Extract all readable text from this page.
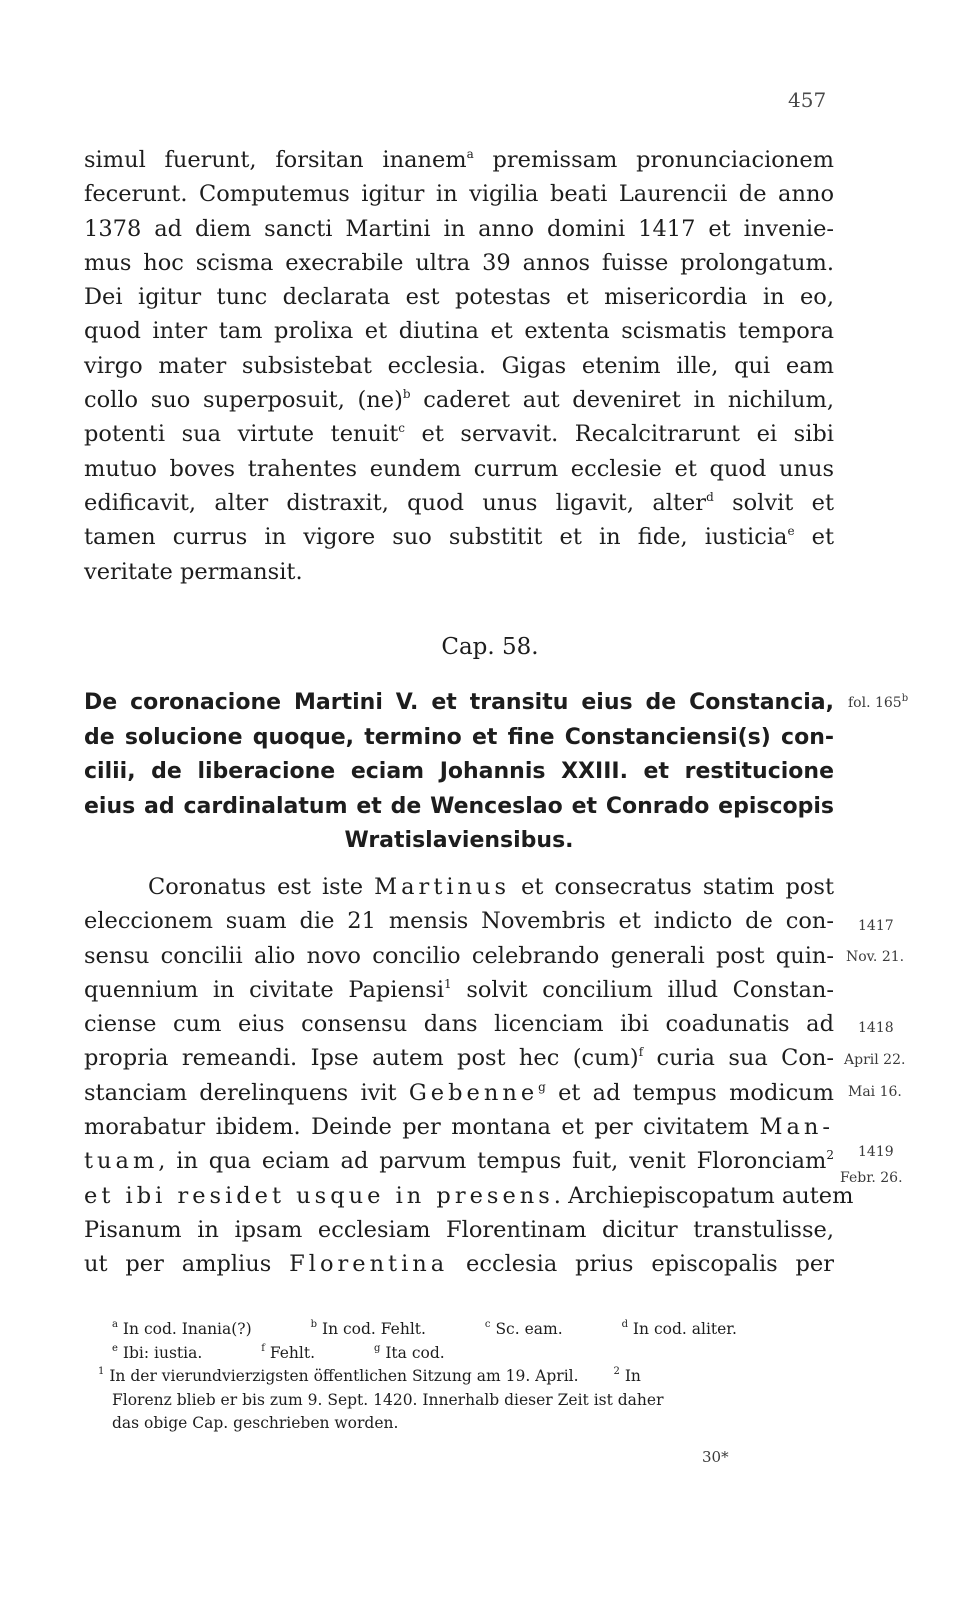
457
simul fuerunt, forsitan inanem$^a$ premissam pronunciacionem
fecerunt. Computemus igitur in vigilia beati Laurencii de anno
1378 ad diem sancti Martini in anno domini 1417 et invenie-
mus hoc scisma execrabile ultra 39 annos fuisse prolongatum.
Dei igitur tunc declarata est potestas et misericordia in eo,
quod inter tam prolixa et diutina et extenta scismatis tempora
virgo mater subsistebat ecclesia. Gigas etenim ille, qui eam
collo suo superposuit, (ne)$^b$ caderet aut deveniret in nichilum,
potenti sua virtute tenuit$^c$ et servavit. Recalcitrarunt ei sibi
mutuo boves trahentes eundem currum ecclesie et quod unus
edificavit, alter distraxit, quod unus ligavit, alter$^d$ solvit et
tamen currus in vigore suo substitit et in fide, iusticia$^e$ et
veritate permansit.
Cap. 58.
De coronacione Martini V. et transitu eius de Constancia,
de solucione quoque, termino et fine Constanciensi(s) con-
cilii, de liberacione eciam Johannis XXIII. et restitucione
eius ad cardinalatum et de Wenceslao et Conrado episcopis
Wratislaviensibus.
Coronatus est iste Martinus et consecratus statim post
eleccionem suam die 21 mensis Novembris et indicto de con-
sensu concilii alio novo concilio celebrando generali post quin-
quennium in civitate Papiensi$^1$ solvit concilium illud Constan-
ciense cum eius consensu dans licenciam ibi coadunatis ad
propria remeandi. Ipse autem post hec (cum)$^f$ curia sua Con-
stanciam derelinquens ivit Gebenne$^g$ et ad tempus modicum
morabatur ibidem. Deinde per montana et per civitatem Man-
tuam, in qua eciam ad parvum tempus fuit, venit Floronciam$^2$
et ibi residet usque in presens. Archiepiscopatum autem
Pisanum in ipsam ecclesiam Florentinam dicitur transtulisse,
ut per amplius Florentina ecclesia prius episcopalis per
fol. 165$^b$
1417
Nov. 21.
1418
April 22.
Mai 16.
1419
Febr. 26.
$^a$ In cod. Inania(?)	$^b$ In cod. Fehlt.	$^c$ Sc. eam.	$^d$ In cod. aliter.
$^e$ Ibi: iustia.	$^f$ Fehlt.	$^g$ Ita cod.
$^1$ In der vierundvierzigsten öffentlichen Sitzung am 19. April.	$^2$ In
Florenz blieb er bis zum 9. Sept. 1420. Innerhalb dieser Zeit ist daher
das obige Cap. geschrieben worden.
30*
